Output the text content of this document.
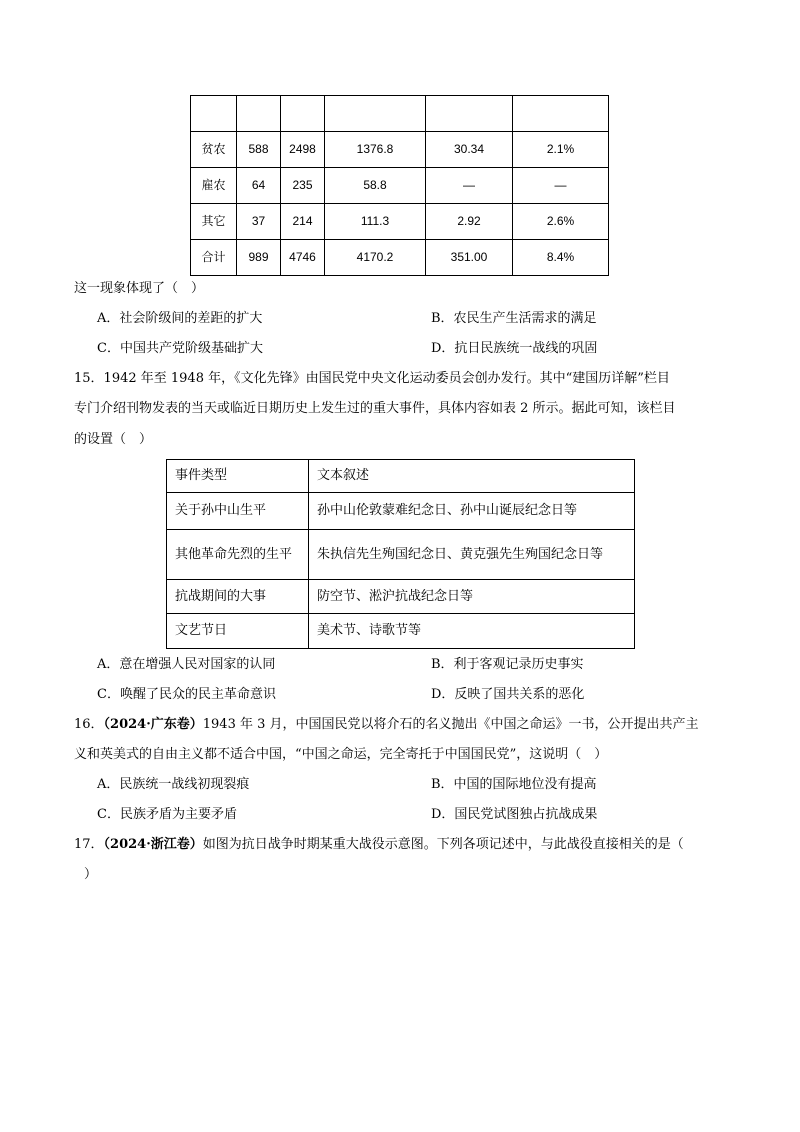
贫农	588	2498	1376.8	30.34	2.1%
雇农	64	235	58.8	—	—
其它	37	214	111.3	2.92	2.6%
合计	989	4746	4170.2	351.00	8.4%
这一现象体现了（　）
A．社会阶级间的差距的扩大	B．农民生产生活需求的满足
C．中国共产党阶级基础扩大	D．抗日民族统一战线的巩固
15．1942 年至 1948 年，《文化先锋》由国民党中央文化运动委员会创办发行。其中“建国历详解”栏目
专门介绍刊物发表的当天或临近日期历史上发生过的重大事件，具体内容如表 2 所示。据此可知，该栏目
的设置（　）
事件类型	文本叙述
关于孙中山生平	孙中山伦敦蒙难纪念日、孙中山诞辰纪念日等
其他革命先烈的生平	朱执信先生殉国纪念日、黄克强先生殉国纪念日等
抗战期间的大事	防空节、淞沪抗战纪念日等
文艺节日	美术节、诗歌节等
A．意在增强人民对国家的认同	B．利于客观记录历史事实
C．唤醒了民众的民主革命意识	D．反映了国共关系的恶化
16．（2024·广东卷）1943 年 3 月，中国国民党以将介石的名义抛出《中国之命运》一书，公开提出共产主
义和英美式的自由主义都不适合中国，“中国之命运，完全寄托于中国国民党”，这说明（　）
A．民族统一战线初现裂痕	B．中国的国际地位没有提高
C．民族矛盾为主要矛盾	D．国民党试图独占抗战成果
17．（2024·浙江卷）如图为抗日战争时期某重大战役示意图。下列各项记述中，与此战役直接相关的是（
）
